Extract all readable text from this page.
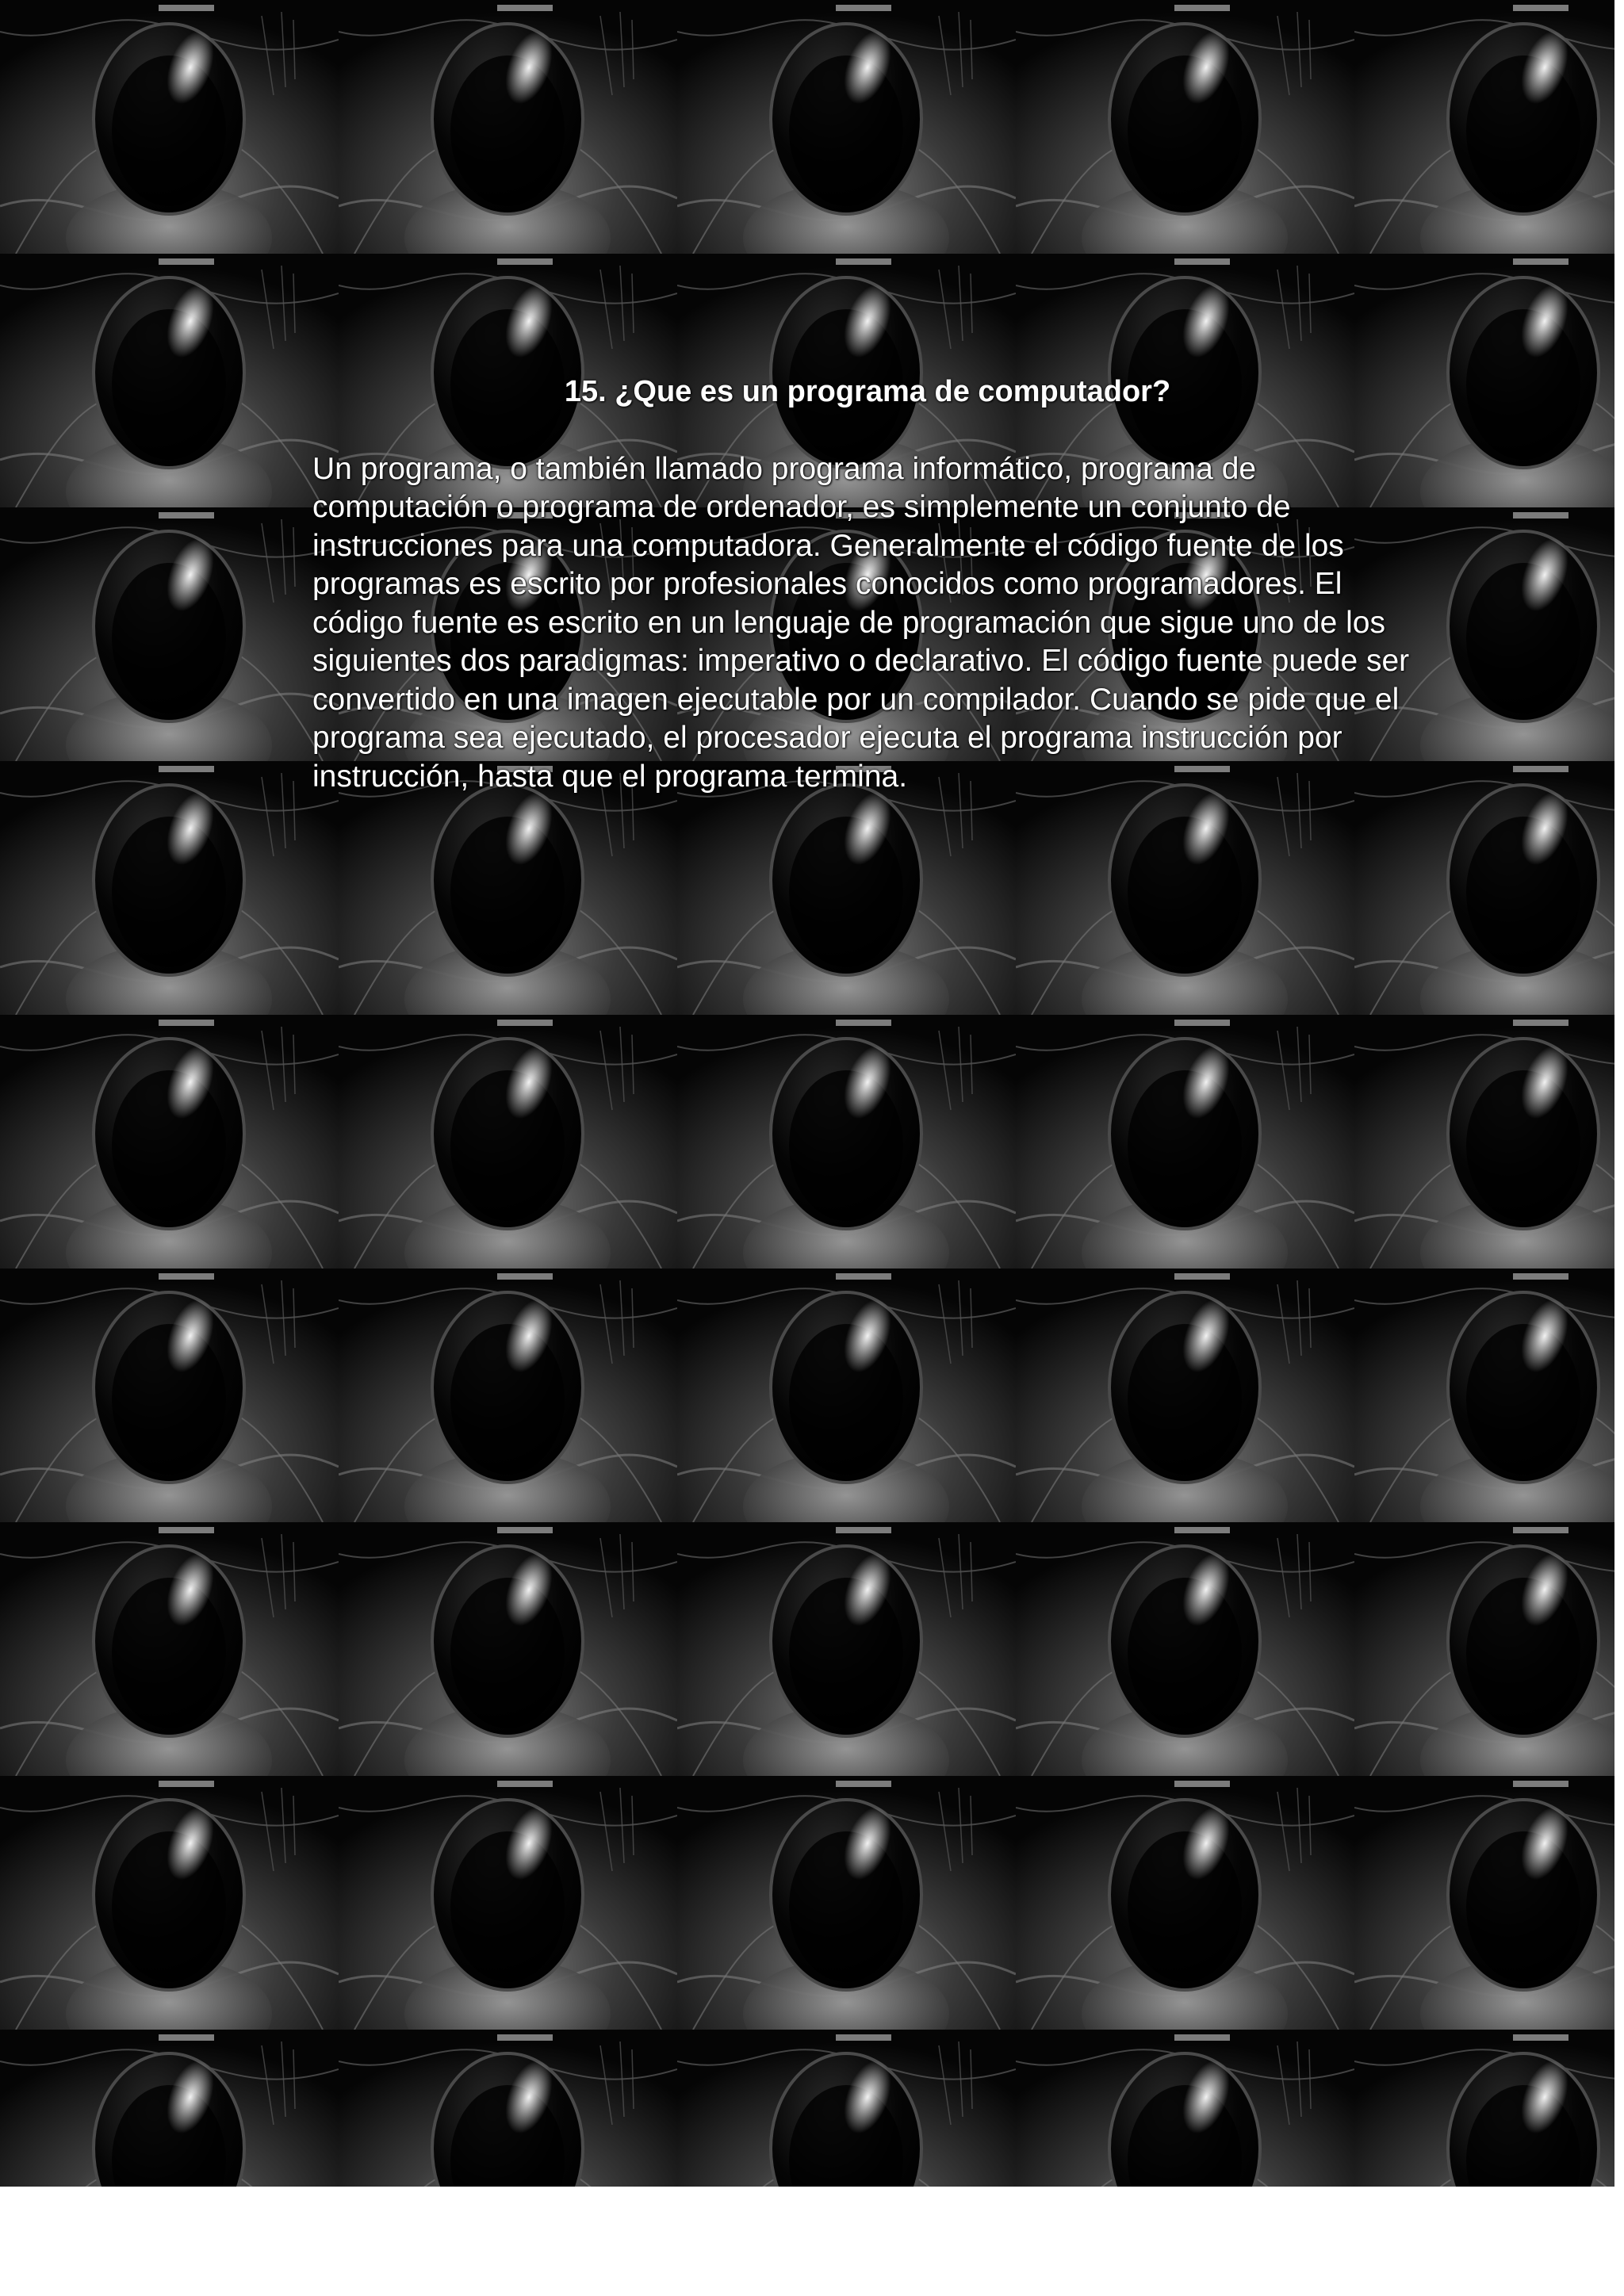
15. ¿Que es un programa de computador?

Un programa, o también llamado programa informático, programa de computación o programa de ordenador, es simplemente un conjunto de instrucciones para una computadora. Generalmente el código fuente de los programas es escrito por profesionales conocidos como programadores. El código fuente es escrito en un lenguaje de programación que sigue uno de los siguientes dos paradigmas: imperativo o declarativo. El código fuente puede ser convertido en una imagen ejecutable por un compilador. Cuando se pide que el programa sea ejecutado, el procesador ejecuta el programa instrucción por instrucción, hasta que el programa termina.
